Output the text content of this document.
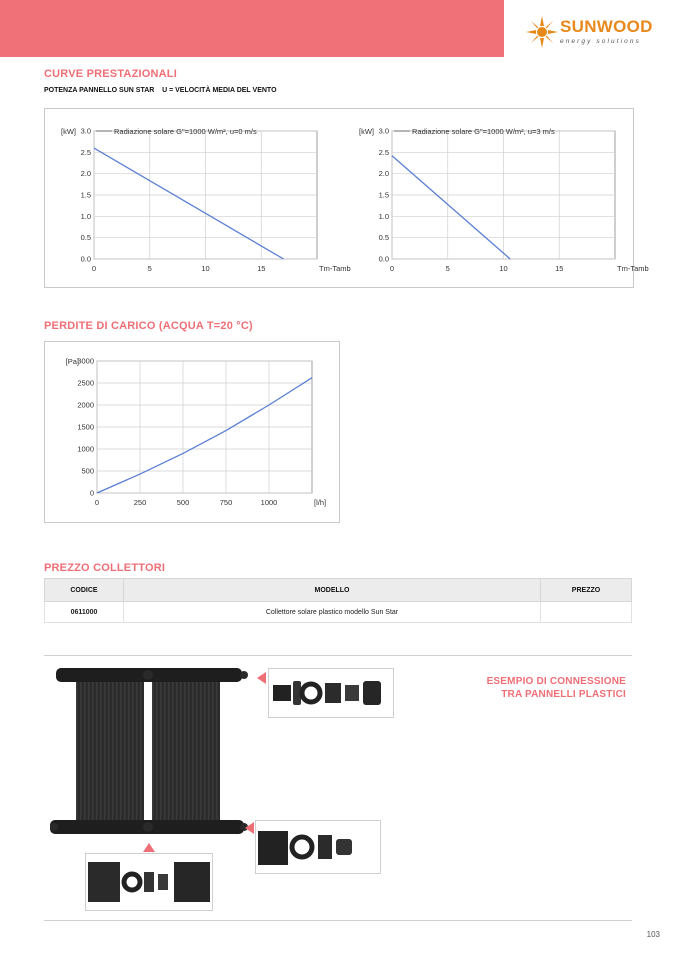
SUNWOOD
energy solutions
CURVE PRESTAZIONALI
POTENZA PANNELLO SUN STAR    U = VELOCITÀ MEDIA DEL VENTO
0.0
0.5
1.0
1.5
2.0
2.5
3.0
0	5	10	15
[kW]
Tm-Tamb
Radiazione solare G"=1000 W/m², u=0 m/s
0.0
0.5
1.0
1.5
2.0
2.5
3.0
0	5	10	15
[kW]
Tm-Tamb
Radiazione solare G"=1000 W/m², u=3 m/s
PERDITE DI CARICO (ACQUA T=20 °C)
0
500
1000
1500
2000
2500
3000
0	250	500	750	1000
[Pa]
[l/h]
PREZZO COLLETTORI
CODICE	MODELLO	PREZZO
0611000	Collettore solare plastico modello Sun Star	
ESEMPIO DI CONNESSIONE
TRA PANNELLI PLASTICI
103
